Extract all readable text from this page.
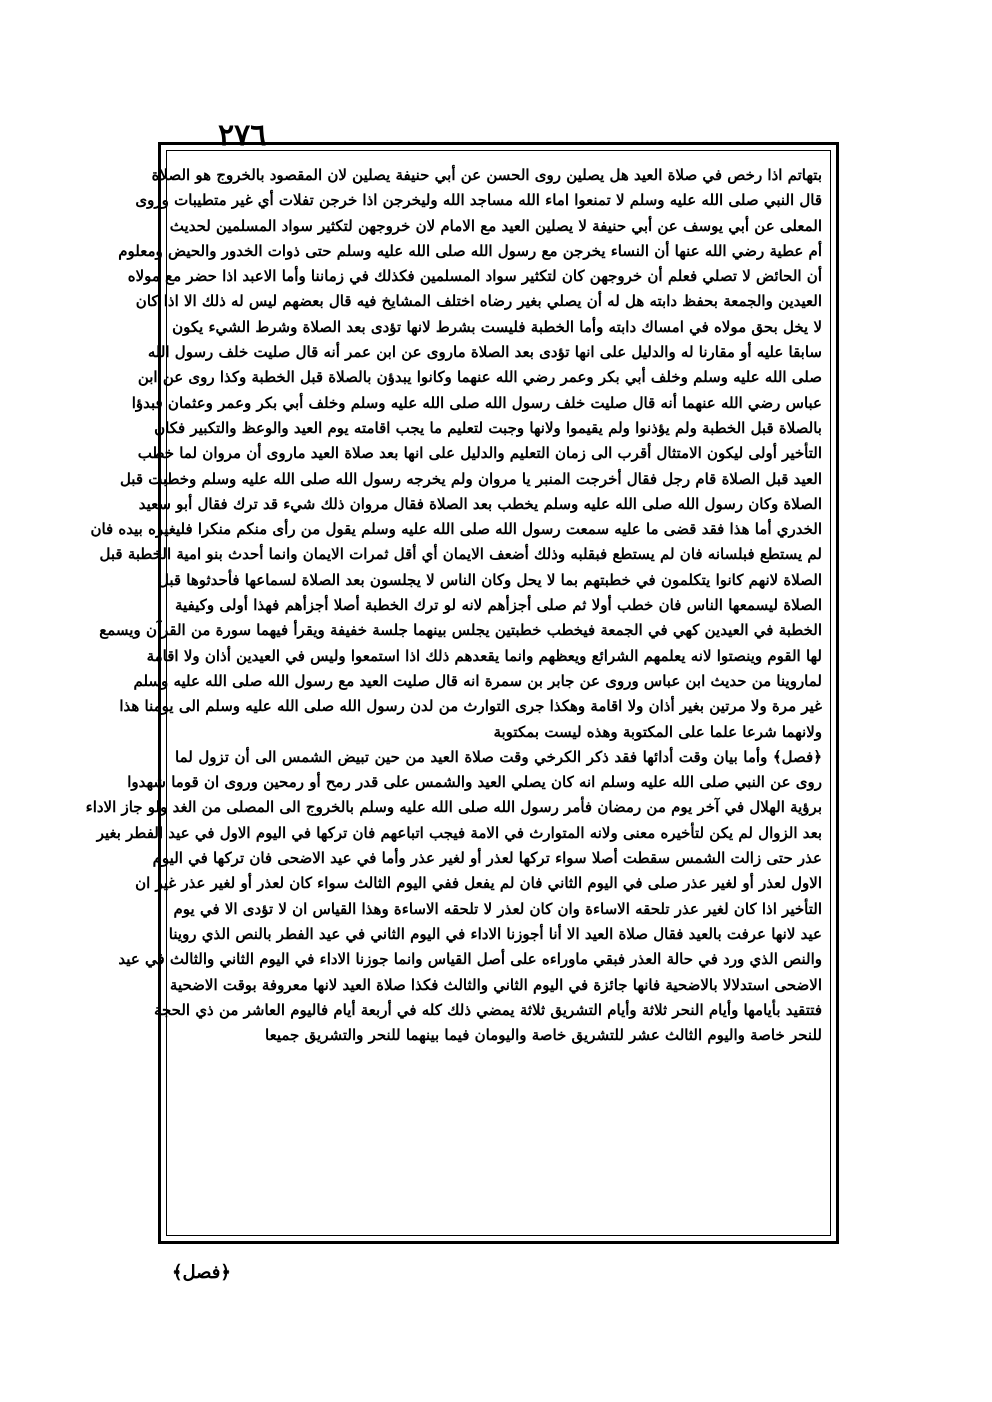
٢٧٦
بتهاتم اذا رخص في صلاة العيد هل يصلين روى الحسن عن أبي حنيفة يصلين لان المقصود بالخروج هو الصلاة
قال النبي صلى الله عليه وسلم لا تمنعوا اماء الله مساجد الله وليخرجن اذا خرجن تفلات أي غير متطيبات وروى
المعلى عن أبي يوسف عن أبي حنيفة لا يصلين العيد مع الامام لان خروجهن لتكثير سواد المسلمين لحديث
أم عطية رضي الله عنها أن النساء يخرجن مع رسول الله صلى الله عليه وسلم حتى ذوات الخدور والحيض ومعلوم
أن الحائض لا تصلي فعلم أن خروجهن كان لتكثير سواد المسلمين فكذلك في زماننا وأما الاعبد اذا حضر مع مولاه
العيدين والجمعة بحفظ دابته هل له أن يصلي بغير رضاه اختلف المشايخ فيه قال بعضهم ليس له ذلك الا اذا كان
لا يخل بحق مولاه في امساك دابته وأما الخطبة فليست بشرط لانها تؤدى بعد الصلاة وشرط الشيء يكون
سابقا عليه أو مقارنا له والدليل على انها تؤدى بعد الصلاة ماروى عن ابن عمر أنه قال صليت خلف رسول الله
صلى الله عليه وسلم وخلف أبي بكر وعمر رضي الله عنهما وكانوا يبدؤن بالصلاة قبل الخطبة وكذا روى عن ابن
عباس رضي الله عنهما أنه قال صليت خلف رسول الله صلى الله عليه وسلم وخلف أبي بكر وعمر وعثمان فبدؤا
بالصلاة قبل الخطبة ولم يؤذنوا ولم يقيموا ولانها وجبت لتعليم ما يجب اقامته يوم العيد والوعظ والتكبير فكان
التأخير أولى ليكون الامتثال أقرب الى زمان التعليم والدليل على انها بعد صلاة العيد ماروى أن مروان لما خطب
العيد قبل الصلاة قام رجل فقال أخرجت المنبر يا مروان ولم يخرجه رسول الله صلى الله عليه وسلم وخطبت قبل
الصلاة وكان رسول الله صلى الله عليه وسلم يخطب بعد الصلاة فقال مروان ذلك شيء قد ترك فقال أبو سعيد
الخدري أما هذا فقد قضى ما عليه سمعت رسول الله صلى الله عليه وسلم يقول من رأى منكم منكرا فليغيره بيده فان
لم يستطع فبلسانه فان لم يستطع فبقلبه وذلك أضعف الايمان أي أقل ثمرات الايمان وانما أحدث بنو امية الخطبة قبل
الصلاة لانهم كانوا يتكلمون في خطبتهم بما لا يحل وكان الناس لا يجلسون بعد الصلاة لسماعها فأحدثوها قبل
الصلاة ليسمعها الناس فان خطب أولا ثم صلى أجزأهم لانه لو ترك الخطبة أصلا أجزأهم فهذا أولى وكيفية
الخطبة في العيدين كهي في الجمعة فيخطب خطبتين يجلس بينهما جلسة خفيفة ويقرأ فيهما سورة من القرآن ويسمع
لها القوم وينصتوا لانه يعلمهم الشرائع ويعظهم وانما يقعدهم ذلك اذا استمعوا وليس في العيدين أذان ولا اقامة
لماروينا من حديث ابن عباس وروى عن جابر بن سمرة انه قال صليت العيد مع رسول الله صلى الله عليه وسلم
غير مرة ولا مرتين بغير أذان ولا اقامة وهكذا جرى التوارث من لدن رسول الله صلى الله عليه وسلم الى يومنا هذا
ولانهما شرعا علما على المكتوبة وهذه ليست بمكتوبة
﴿فصل﴾ وأما بيان وقت أدائها فقد ذكر الكرخي وقت صلاة العيد من حين تبيض الشمس الى أن تزول لما
روى عن النبي صلى الله عليه وسلم انه كان يصلي العيد والشمس على قدر رمح أو رمحين وروى ان قوما شهدوا
برؤية الهلال في آخر يوم من رمضان فأمر رسول الله صلى الله عليه وسلم بالخروج الى المصلى من الغد ولو جاز الاداء
بعد الزوال لم يكن لتأخيره معنى ولانه المتوارث في الامة فيجب اتباعهم فان تركها في اليوم الاول في عيد الفطر بغير
عذر حتى زالت الشمس سقطت أصلا سواء تركها لعذر أو لغير عذر وأما في عيد الاضحى فان تركها في اليوم
الاول لعذر أو لغير عذر صلى في اليوم الثاني فان لم يفعل ففي اليوم الثالث سواء كان لعذر أو لغير عذر غير ان
التأخير اذا كان لغير عذر تلحقه الاساءة وان كان لعذر لا تلحقه الاساءة وهذا القياس ان لا تؤدى الا في يوم
عيد لانها عرفت بالعيد فقال صلاة العيد الا أنا أجوزنا الاداء في اليوم الثاني في عيد الفطر بالنص الذي روينا
والنص الذي ورد في حالة العذر فبقي ماوراءه على أصل القياس وانما جوزنا الاداء في اليوم الثاني والثالث في عيد
الاضحى استدلالا بالاضحية فانها جائزة في اليوم الثاني والثالث فكذا صلاة العيد لانها معروفة بوقت الاضحية
فتتقيد بأيامها وأيام النحر ثلاثة وأيام التشريق ثلاثة يمضي ذلك كله في أربعة أيام فاليوم العاشر من ذي الحجة
للنحر خاصة واليوم الثالث عشر للتشريق خاصة واليومان فيما بينهما للنحر والتشريق جميعا
﴿فصل﴾
